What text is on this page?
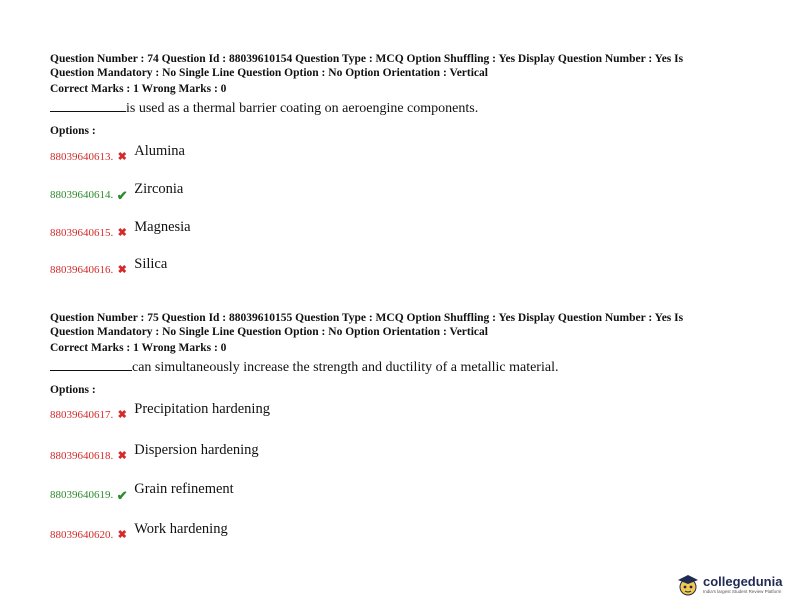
Question Number : 74 Question Id : 88039610154 Question Type : MCQ Option Shuffling : Yes Display Question Number : Yes Is
Question Mandatory : No Single Line Question Option : No Option Orientation : Vertical

Correct Marks : 1 Wrong Marks : 0
is used as a thermal barrier coating on aeroengine components.
Options :
88039640613. ✖ Alumina
88039640614. ✔ Zirconia
88039640615. ✖ Magnesia
88039640616. ✖ Silica

Question Number : 75 Question Id : 88039610155 Question Type : MCQ Option Shuffling : Yes Display Question Number : Yes Is
Question Mandatory : No Single Line Question Option : No Option Orientation : Vertical

Correct Marks : 1 Wrong Marks : 0
can simultaneously increase the strength and ductility of a metallic material.
Options :
88039640617. ✖ Precipitation hardening
88039640618. ✖ Dispersion hardening
88039640619. ✔ Grain refinement
88039640620. ✖ Work hardening
collegedunia
India's largest Student Review Platform
